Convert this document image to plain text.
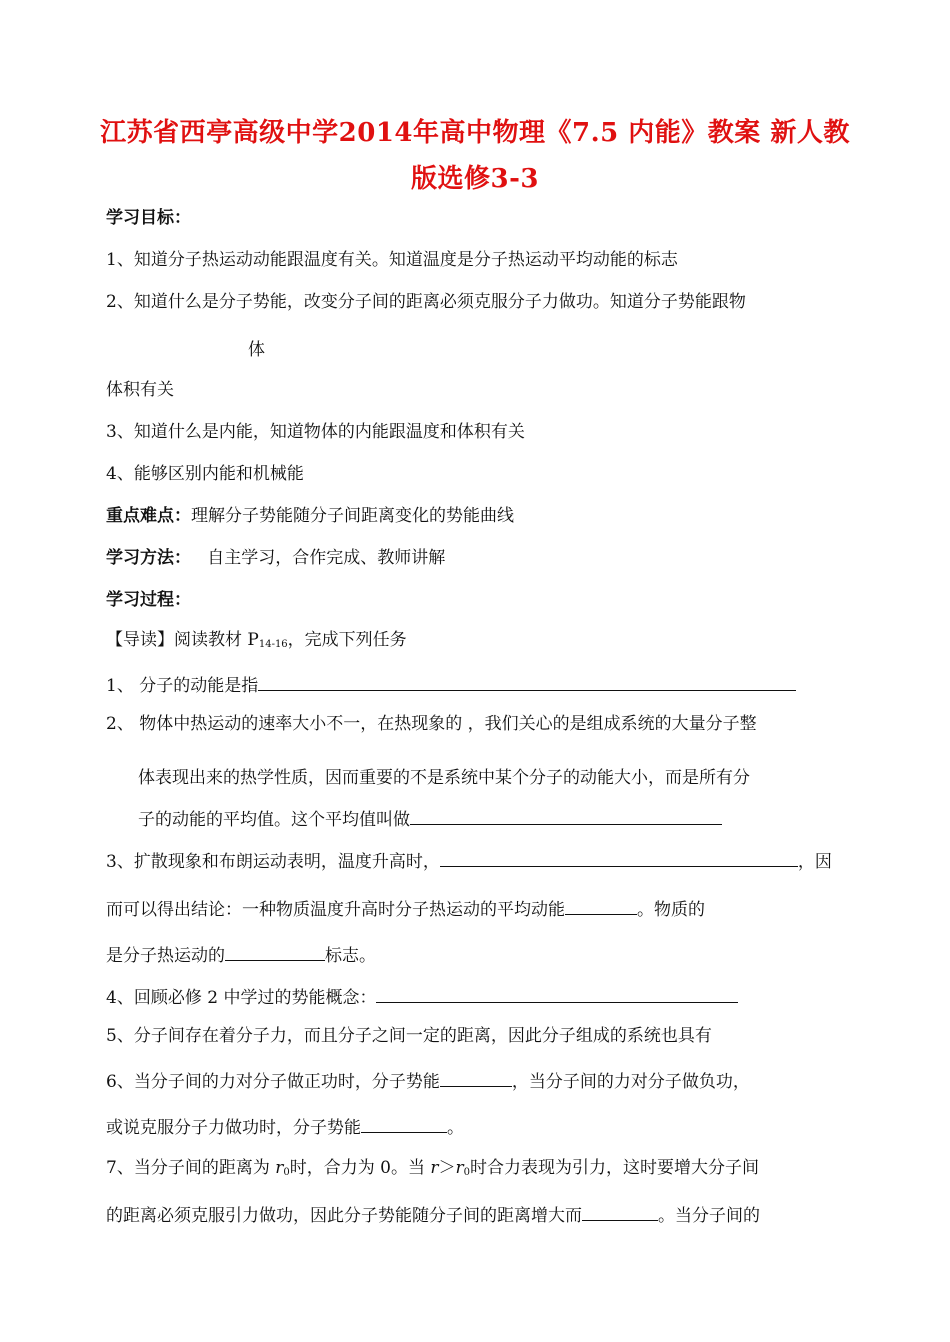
江苏省西亭高级中学2014年高中物理《7.5 内能》教案 新人教
版选修3-3
学习目标：
1、知道分子热运动动能跟温度有关。知道温度是分子热运动平均动能的标志
2、知道什么是分子势能，改变分子间的距离必须克服分子力做功。知道分子势能跟物
体
体积有关
3、知道什么是内能，知道物体的内能跟温度和体积有关
4、能够区别内能和机械能
重点难点：理解分子势能随分子间距离变化的势能曲线
学习方法： 自主学习，合作完成、教师讲解
学习过程：
【导读】阅读教材 $P_{14-16}$，完成下列任务
1、 分子的动能是指
2、 物体中热运动的速率大小不一，在热现象的 ，我们关心的是组成系统的大量分子整
体表现出来的热学性质，因而重要的不是系统中某个分子的动能大小，而是所有分
子的动能的平均值。这个平均值叫做
3、扩散现象和布朗运动表明，温度升高时，	，因
而可以得出结论：一种物质温度升高时分子热运动的平均动能	。物质的
是分子热运动的	标志。
4、回顾必修 2 中学过的势能概念：
5、分子间存在着分子力，而且分子之间一定的距离，因此分子组成的系统也具有
6、当分子间的力对分子做正功时，分子势能	，当分子间的力对分子做负功，
或说克服分子力做功时，分子势能	。
7、当分子间的距离为 $r_0$时，合力为 0。当 $r>r_0$时合力表现为引力，这时要增大分子间
的距离必须克服引力做功，因此分子势能随分子间的距离增大而	。当分子间的
